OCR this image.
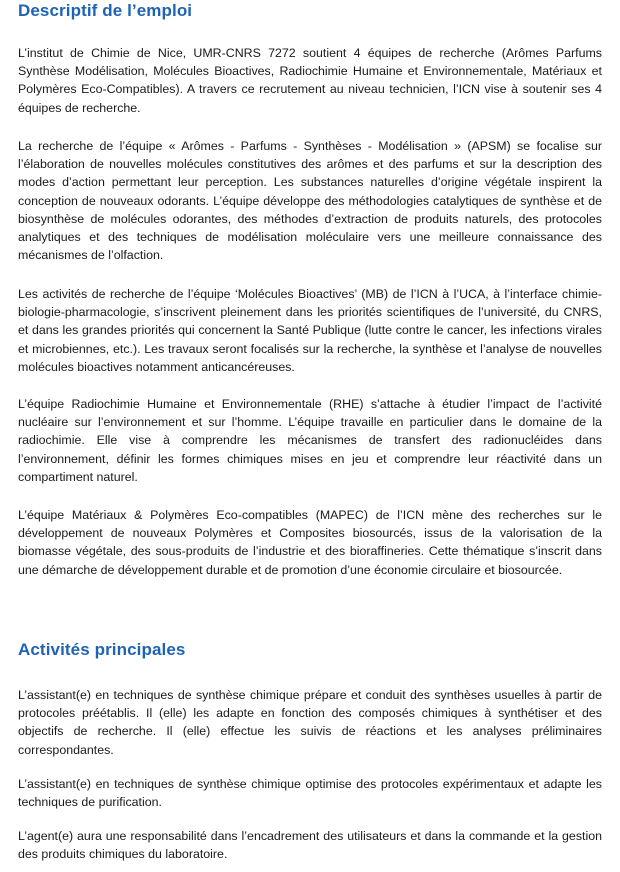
Descriptif de l’emploi

L’institut de Chimie de Nice, UMR-CNRS 7272 soutient 4 équipes de recherche (Arômes Parfums Synthèse Modélisation, Molécules Bioactives, Radiochimie Humaine et Environnementale, Matériaux et Polymères Eco-Compatibles). A travers ce recrutement au niveau technicien, l’ICN vise à soutenir ses 4 équipes de recherche.

La recherche de l’équipe « Arômes - Parfums - Synthèses - Modélisation » (APSM) se focalise sur l’élaboration de nouvelles molécules constitutives des arômes et des parfums et sur la description des modes d’action permettant leur perception. Les substances naturelles d’origine végétale inspirent la conception de nouveaux odorants. L’équipe développe des méthodologies catalytiques de synthèse et de biosynthèse de molécules odorantes, des méthodes d’extraction de produits naturels, des protocoles analytiques et des techniques de modélisation moléculaire vers une meilleure connaissance des mécanismes de l’olfaction.

Les activités de recherche de l’équipe ‘Molécules Bioactives’ (MB) de l’ICN à l’UCA, à l’interface chimie-biologie-pharmacologie, s’inscrivent pleinement dans les priorités scientifiques de l’université, du CNRS, et dans les grandes priorités qui concernent la Santé Publique (lutte contre le cancer, les infections virales et microbiennes, etc.). Les travaux seront focalisés sur la recherche, la synthèse et l’analyse de nouvelles molécules bioactives notamment anticancéreuses.

L’équipe Radiochimie Humaine et Environnementale (RHE) s’attache à étudier l’impact de l’activité nucléaire sur l’environnement et sur l’homme. L’équipe travaille en particulier dans le domaine de la radiochimie. Elle vise à comprendre les mécanismes de transfert des radionucléides dans l’environnement, définir les formes chimiques mises en jeu et comprendre leur réactivité dans un compartiment naturel.

L’équipe Matériaux & Polymères Eco-compatibles (MAPEC) de l’ICN mène des recherches sur le développement de nouveaux Polymères et Composites biosourcés, issus de la valorisation de la biomasse végétale, des sous-produits de l’industrie et des bioraffineries. Cette thématique s’inscrit dans une démarche de développement durable et de promotion d’une économie circulaire et biosourcée.

Activités principales

L’assistant(e) en techniques de synthèse chimique prépare et conduit des synthèses usuelles à partir de protocoles préétablis. Il (elle) les adapte en fonction des composés chimiques à synthétiser et des objectifs de recherche. Il (elle) effectue les suivis de réactions et les analyses préliminaires correspondantes.

L’assistant(e) en techniques de synthèse chimique optimise des protocoles expérimentaux et adapte les techniques de purification.

L’agent(e) aura une responsabilité dans l’encadrement des utilisateurs et dans la commande et la gestion des produits chimiques du laboratoire.
